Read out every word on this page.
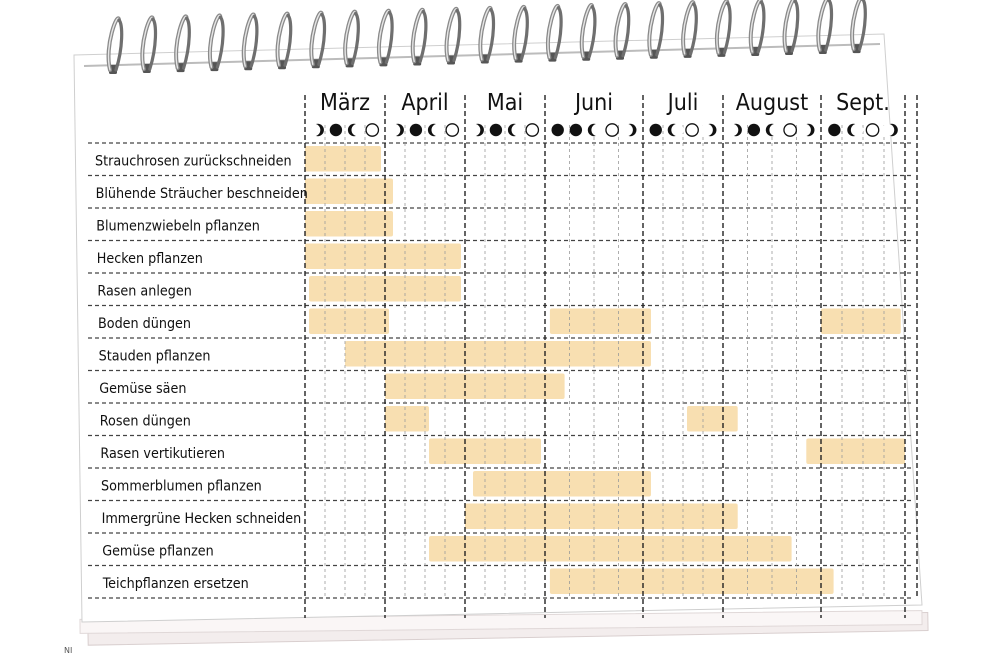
März April Mai Juni Juli August Sept.
Strauchrosen zurückschneiden
Blühende Sträucher beschneiden
Blumenzwiebeln pflanzen
Hecken pflanzen
Rasen anlegen
Boden düngen
Stauden pflanzen
Gemüse säen
Rosen düngen
Rasen vertikutieren
Sommerblumen pflanzen
Immergrüne Hecken schneiden
Gemüse pflanzen
Teichpflanzen ersetzen
NI
